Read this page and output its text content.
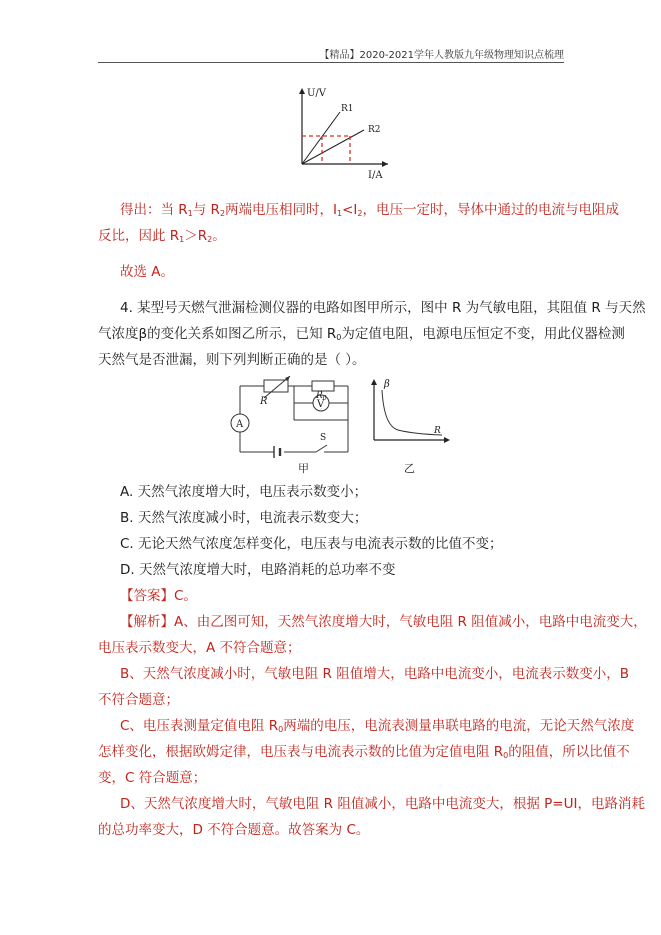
【精品】2020-2021学年人教版九年级物理知识点梳理
U/V
I/A
R1
R2
得出：当 $R_1$与 $R_2$两端电压相同时，$I_1<I_2$，电压一定时，导体中通过的电流与电阻成
反比，因此 $R_1>R_2$。
故选 A。
4. 某型号天燃气泄漏检测仪器的电路如图甲所示，图中 R 为气敏电阻，其阻值 R 与天然
气浓度β的变化关系如图乙所示，已知 $R_0$为定值电阻，电源电压恒定不变，用此仪器检测
天然气是否泄漏，则下列判断正确的是（ ）。
A
V
R	$R_0$
S
甲
β
R
乙
A. 天然气浓度增大时，电压表示数变小；
B. 天然气浓度减小时，电流表示数变大；
C. 无论天然气浓度怎样变化，电压表与电流表示数的比值不变；
D. 天然气浓度增大时，电路消耗的总功率不变
【答案】C。
【解析】A、由乙图可知，天然气浓度增大时，气敏电阻 R 阻值减小，电路中电流变大，
电压表示数变大，A 不符合题意；
B、天然气浓度减小时，气敏电阻 R 阻值增大，电路中电流变小，电流表示数变小，B
不符合题意；
C、电压表测量定值电阻 $R_0$两端的电压，电流表测量串联电路的电流，无论天然气浓度
怎样变化，根据欧姆定律，电压表与电流表示数的比值为定值电阻 $R_0$的阻值，所以比值不
变，C 符合题意；
D、天然气浓度增大时，气敏电阻 R 阻值减小，电路中电流变大，根据 P=UI，电路消耗
的总功率变大，D 不符合题意。故答案为 C。
